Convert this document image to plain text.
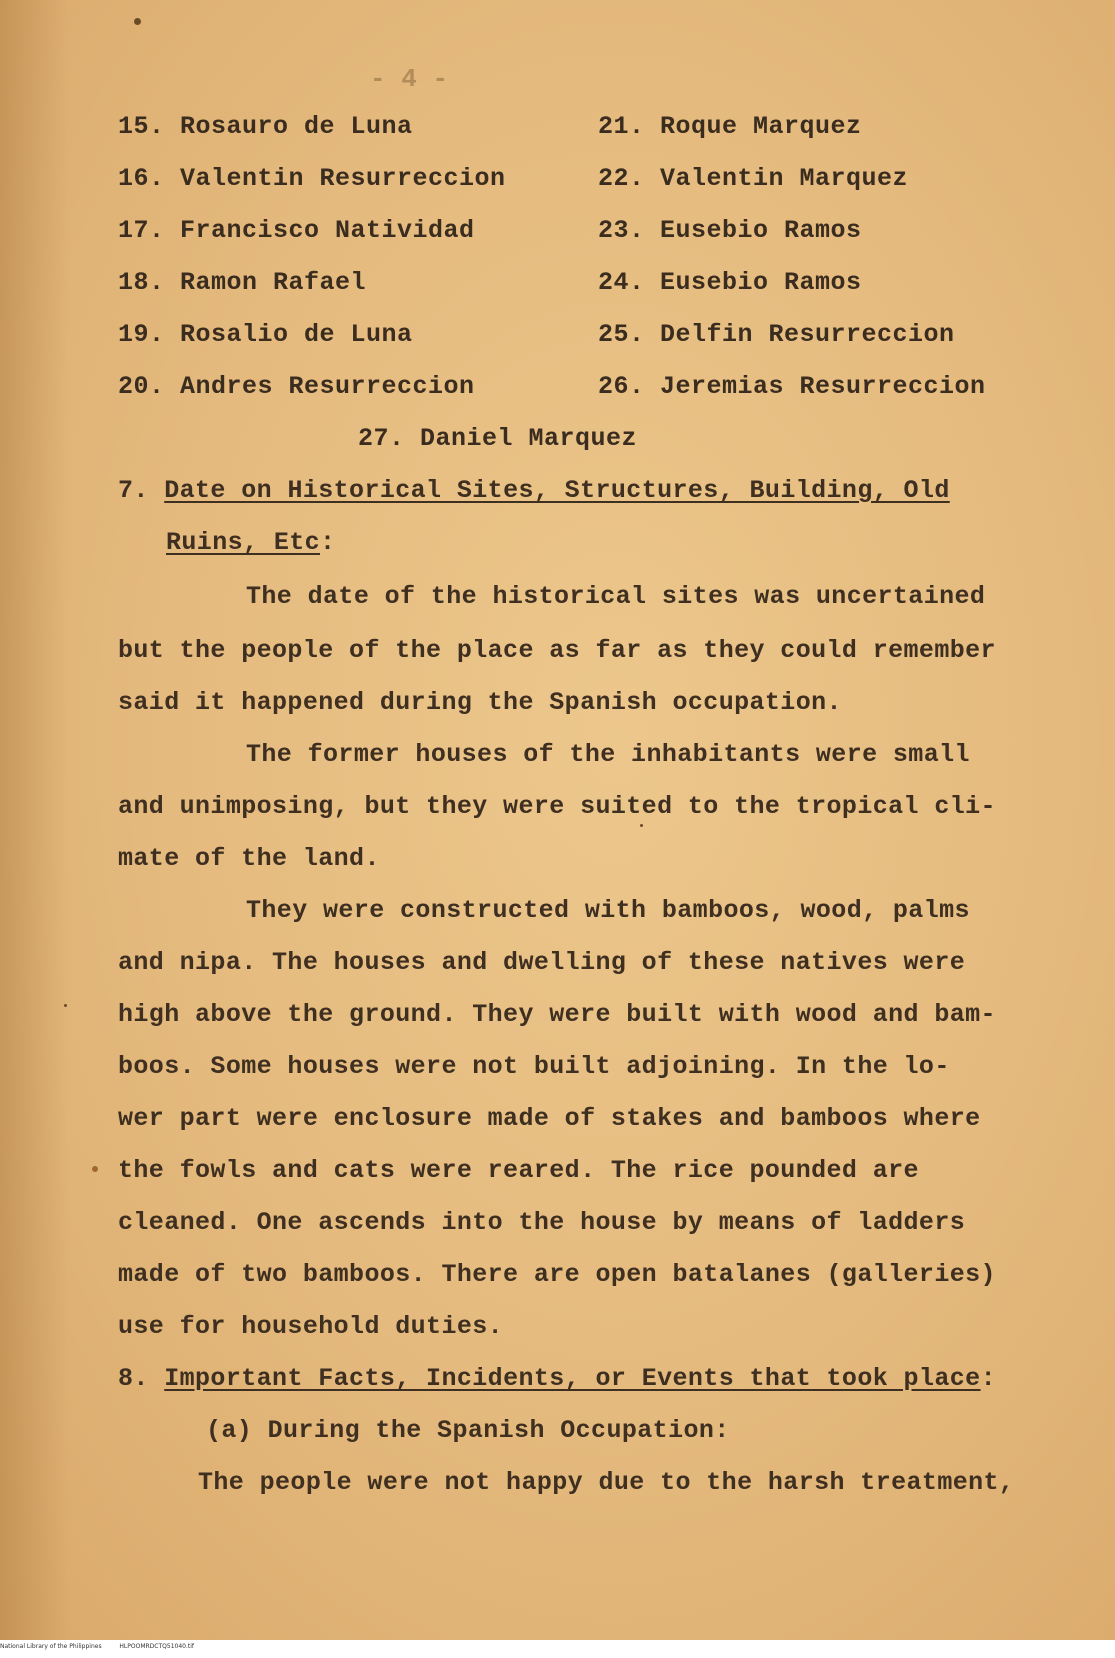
- 4 -
15. Rosauro de Luna
16. Valentin Resurreccion
17. Francisco Natividad
18. Ramon Rafael
19. Rosalio de Luna
20. Andres Resurreccion
21. Roque Marquez
22. Valentin Marquez
23. Eusebio Ramos
24. Eusebio Ramos
25. Delfin Resurreccion
26. Jeremias Resurreccion
27. Daniel Marquez
7. Date on Historical Sites, Structures, Building, Old
Ruins, Etc:
The date of the historical sites was uncertained
but the people of the place as far as they could remember
said it happened during the Spanish occupation.
The former houses of the inhabitants were small
and unimposing, but they were suited to the tropical cli-
mate of the land.
They were constructed with bamboos, wood, palms
and nipa. The houses and dwelling of these natives were
high above the ground. They were built with wood and bam-
boos. Some houses were not built adjoining. In the lo-
wer part were enclosure made of stakes and bamboos where
the fowls and cats were reared. The rice pounded are
cleaned. One ascends into the house by means of ladders
made of two bamboos. There are open batalanes (galleries)
use for household duties.
8. Important Facts, Incidents, or Events that took place:
(a) During the Spanish Occupation:
The people were not happy due to the harsh treatment,
National Library of the Philippines	HLPOOMRDCTQ51040.tif
